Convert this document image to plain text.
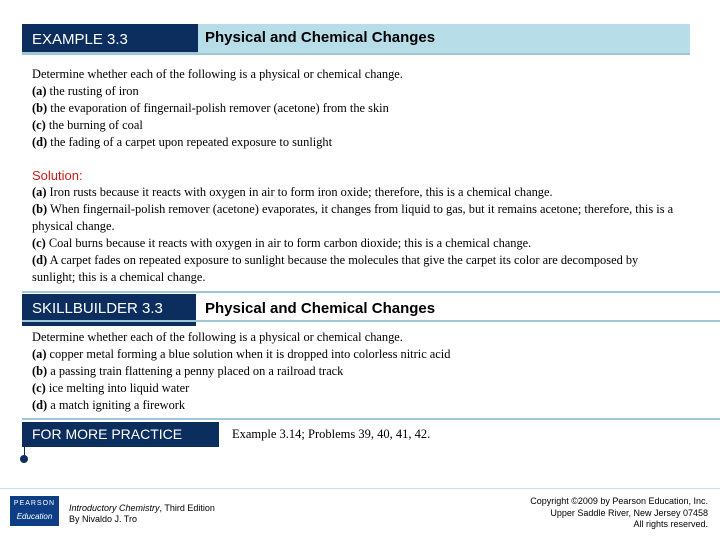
EXAMPLE 3.3	Physical and Chemical Changes

Determine whether each of the following is a physical or chemical change.

(a) the rusting of iron

(b) the evaporation of fingernail-polish remover (acetone) from the skin

(c) the burning of coal

(d) the fading of a carpet upon repeated exposure to sunlight

Solution:

(a) Iron rusts because it reacts with oxygen in air to form iron oxide; therefore, this is a chemical change.

(b) When fingernail-polish remover (acetone) evaporates, it changes from liquid to gas, but it remains acetone; therefore, this is a physical change.

(c) Coal burns because it reacts with oxygen in air to form carbon dioxide; this is a chemical change.

(d) A carpet fades on repeated exposure to sunlight because the molecules that give the carpet its color are decomposed by sunlight; this is a chemical change.

SKILLBUILDER 3.3	Physical and Chemical Changes

Determine whether each of the following is a physical or chemical change.

(a) copper metal forming a blue solution when it is dropped into colorless nitric acid

(b) a passing train flattening a penny placed on a railroad track

(c) ice melting into liquid water

(d) a match igniting a firework

FOR MORE PRACTICE	Example 3.14; Problems 39, 40, 41, 42.
PEARSON
Education
Introductory Chemistry, Third Edition
By Nivaldo J. Tro
Copyright ©2009 by Pearson Education, Inc.
Upper Saddle River, New Jersey 07458
All rights reserved.
